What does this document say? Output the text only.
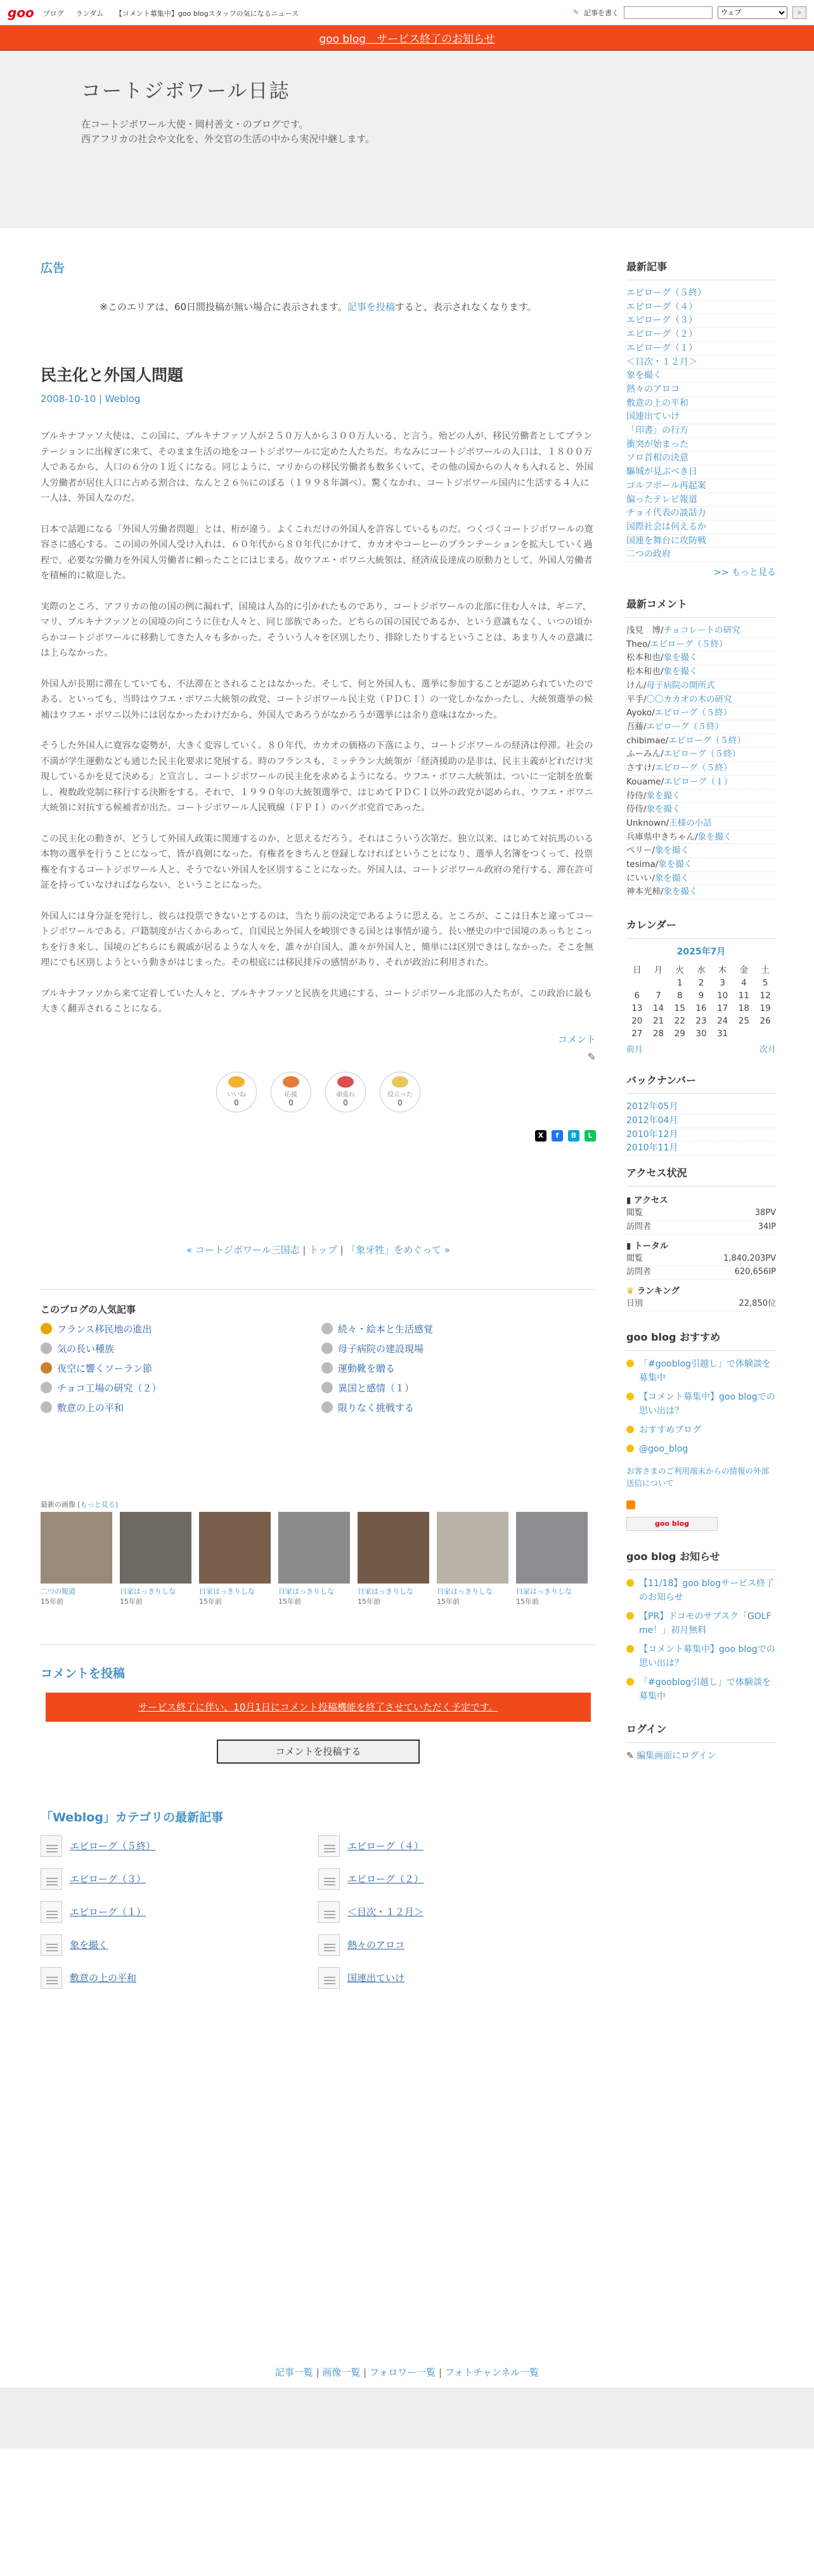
goo ブログ ランダム 【コメント募集中】goo blogスタッフの気になるニュース	✎ 記事を書く
ウェブ	⌕
goo blog　サービス終了のお知らせ
コートジボワール日誌

在コートジボワール大使・岡村善文・のブログです。

西アフリカの社会や文化を、外交官の生活の中から実況中継します。

広告
※このエリアは、60日間投稿が無い場合に表示されます。記事を投稿すると、表示されなくなります。
民主化と外国人問題
2008-10-10 | Weblog

ブルキナファソ大使は、この国に、ブルキナファソ人が２５０万人から３００万人いる、と言う。殆どの人が、移民労働者としてプランテーションに出稼ぎに来て、そのまま生活の地をコートジボワールに定めた人たちだ。ちなみにコートジボワールの人口は、１８００万人であるから、人口の６分の１近くになる。同じように、マリからの移民労働者も数多くいて、その他の国からの人々も入れると、外国人労働者が居住人口に占める割合は、なんと２６％にのぼる（１９９８年調べ）。驚くなかれ、コートジボワール国内に生活する４人に一人は、外国人なのだ。

日本で話題になる「外国人労働者問題」とは、桁が違う。よくこれだけの外国人を許容しているものだ。つくづくコートジボワールの寛容さに感心する。この国の外国人受け入れは、６０年代から８０年代にかけて、カカオやコーヒーのプランテーションを拡大していく過程で、必要な労働力を外国人労働者に頼ったことにはじまる。故ウフエ・ボワニ大統領は、経済成長達成の原動力として、外国人労働者を積極的に歓迎した。

実際のところ、アフリカの他の国の例に漏れず、国境は人為的に引かれたものであり、コートジボワールの北部に住む人々は、ギニア、マリ、ブルキナファソとの国境の向こうに住む人々と、同じ部族であった。どちらの国の国民であるか、という意識もなく、いつの頃からかコートジボワールに移動してきた人々も多かった。そういう人々を区別したり、排除したりするということは、あまり人々の意識には上らなかった。

外国人が長期に滞在していても、不法滞在とされることはなかった。そして、何と外国人も、選挙に参加することが認められていたのである。といっても、当時はウフエ・ボワニ大統領の政党、コートジボワール民主党（ＰＤＣＩ）の一党しかなかったし、大統領選挙の候補はウフエ・ボワニ以外には居なかったわけだから、外国人であろうがなかろうが選挙には余り意味はなかった。

そうした外国人に寛容な姿勢が、大きく変容していく。８０年代、カカオの価格の下落により、コートジボワールの経済は停滞。社会の不満が学生運動なども通じた民主化要求に発展する。時のフランスも、ミッテラン大統領が「経済援助の是非は、民主主義がどれだけ実現しているかを見て決める」と宣言し、コートジボワールの民主化を求めるようになる。ウフエ・ボワニ大統領は、ついに一定制を放棄し、複数政党制に移行する決断をする。それで、１９９０年の大統領選挙で、はじめてＰＤＣＩ以外の政党が認められ、ウフエ・ボワニ大統領に対抗する候補者が出た。コートジボワール人民戦線（ＦＰＩ）のバグボ党首であった。

この民主化の動きが、どうして外国人政策に関連するのか、と思えるだろう。それはこういう次第だ。独立以来、はじめて対抗馬のいる本物の選挙を行うことになって、皆が真剣になった。有権者をきちんと登録しなければということになり、選挙人名簿をつくって、投票権を有するコートジボワール人と、そうでない外国人を区別することになった。外国人は、コートジボワール政府の発行する、滞在許可証を持っていなければならない、ということになった。

外国人には身分証を発行し、彼らは投票できないとするのは、当たり前の決定であるように思える。ところが、ここは日本と違ってコートジボワールである。戸籍制度が古くからあって、自国民と外国人を峻別できる国とは事情が違う。長い歴史の中で国境のあっちとこっちを行き来し、国境のどちらにも親戚が居るような人々を、誰々が自国人、誰々が外国人と、簡単には区別できはしなかった。そこを無理にでも区別しようという動きがはじまった。その根底には移民排斥の感情があり、それが政治に利用された。

ブルキナファソから来て定着していた人々と、ブルキナファソと民族を共通にする、コートジボワール北部の人たちが、この政治に最も大きく翻弄されることになる。

コメント
✎
いいね
0
応援
0
頑張れ
0
役立った
0
X	f	B	L
« コートジボワール三国志 | トップ | 「象牙牲」をめぐって »
このブログの人気記事
フランス移民地の進出	続々・絵本と生活感覚
気の長い種族	母子病院の建設現場
夜空に響くソーラン節	運動靴を贈る
チョコ工場の研究（２）	異国と感情（１）
敷意の上の平和	限りなく挑戦する
最新の画像 [もっと見る]
二つの報道
15年前
日家はっきりしな
15年前
日家はっきりしな
15年前
日家はっきりしな
15年前
日家はっきりしな
15年前
日家はっきりしな
15年前
日家はっきりしな
15年前
コメントを投稿
サービス終了に伴い、10月1日にコメント投稿機能を終了させていただく予定です。
コメントを投稿する
「Weblog」カテゴリの最新記事
エピローグ（５終）	エピローグ（４）
エピローグ（３）	エピローグ（２）
エピローグ（１）	＜目次・１２月＞
象を撮く	熱々のアロコ
敷意の上の平和	国連出ていけ
最新記事
エピローグ（５終）
エピローグ（４）
エピローグ（３）
エピローグ（２）
エピローグ（１）
＜目次・１２月＞
象を撮く
熱々のアロコ
敷意の上の平和
国連出ていけ
「印書」の行方
衝突が始まった
ソロ首相の決意
驅城が見ぶべき日
ゴルフボール再起案
偏ったテレビ報道
チョイ代表の談話力
国際社会は何えるか
国連を舞台に攻防戦
二つの政府
>> もっと見る
最新コメント
浅見　博/チョコレートの研究
Theo/エピローグ（５終）
松本和也/象を撮く
松本和也/象を撮く
けん/母子病院の開所式
平手/〇〇カカオの木の研究
Ayoko/エピローグ（５終）
吾藤/エピローグ（５終）
chibimae/エピローグ（５終）
ふーみん/エピローグ（５終）
さすけ/エピローグ（５終）
Kouame/エピローグ（１）
待侍/象を撮く
侍侍/象を撮く
Unknown/王様の小話
兵庫県中きちゃん/象を撮く
ペリー/象を撮く
tesima/象を撮く
にいい/象を撮く
神本光柿/象を撮く
カレンダー
2025年7月
日	月	火	水	木	金	土
		1	2	3	4	5
6	7	8	9	10	11	12
13	14	15	16	17	18	19
20	21	22	23	24	25	26
27	28	29	30	31		
前月	次月
バックナンバー
2012年05月
2012年04月
2010年12月
2010年11月
アクセス状況
▮ アクセス
閲覧	38PV
訪問者	34IP
▮ トータル
閲覧	1,840,203PV
訪問者	620,656IP
♛ ランキング
日別	22,850位
goo blog おすすめ
「#gooblog引越し」で体験談を募集中
【コメント募集中】goo blogでの思い出は？
おすすめブログ
@goo_blog
お客さまのご利用端末からの情報の外部送信について
goo blog
goo blog お知らせ
【11/18】goo blogサービス終了のお知らせ
【PR】ドコモのサブスク「GOLF me！」初月無料
【コメント募集中】goo blogでの思い出は？
「#gooblog引越し」で体験談を募集中
ログイン
✎ 編集画面にログイン
記事一覧 | 画像一覧 | フォロワー一覧 | フォトチャンネル一覧
